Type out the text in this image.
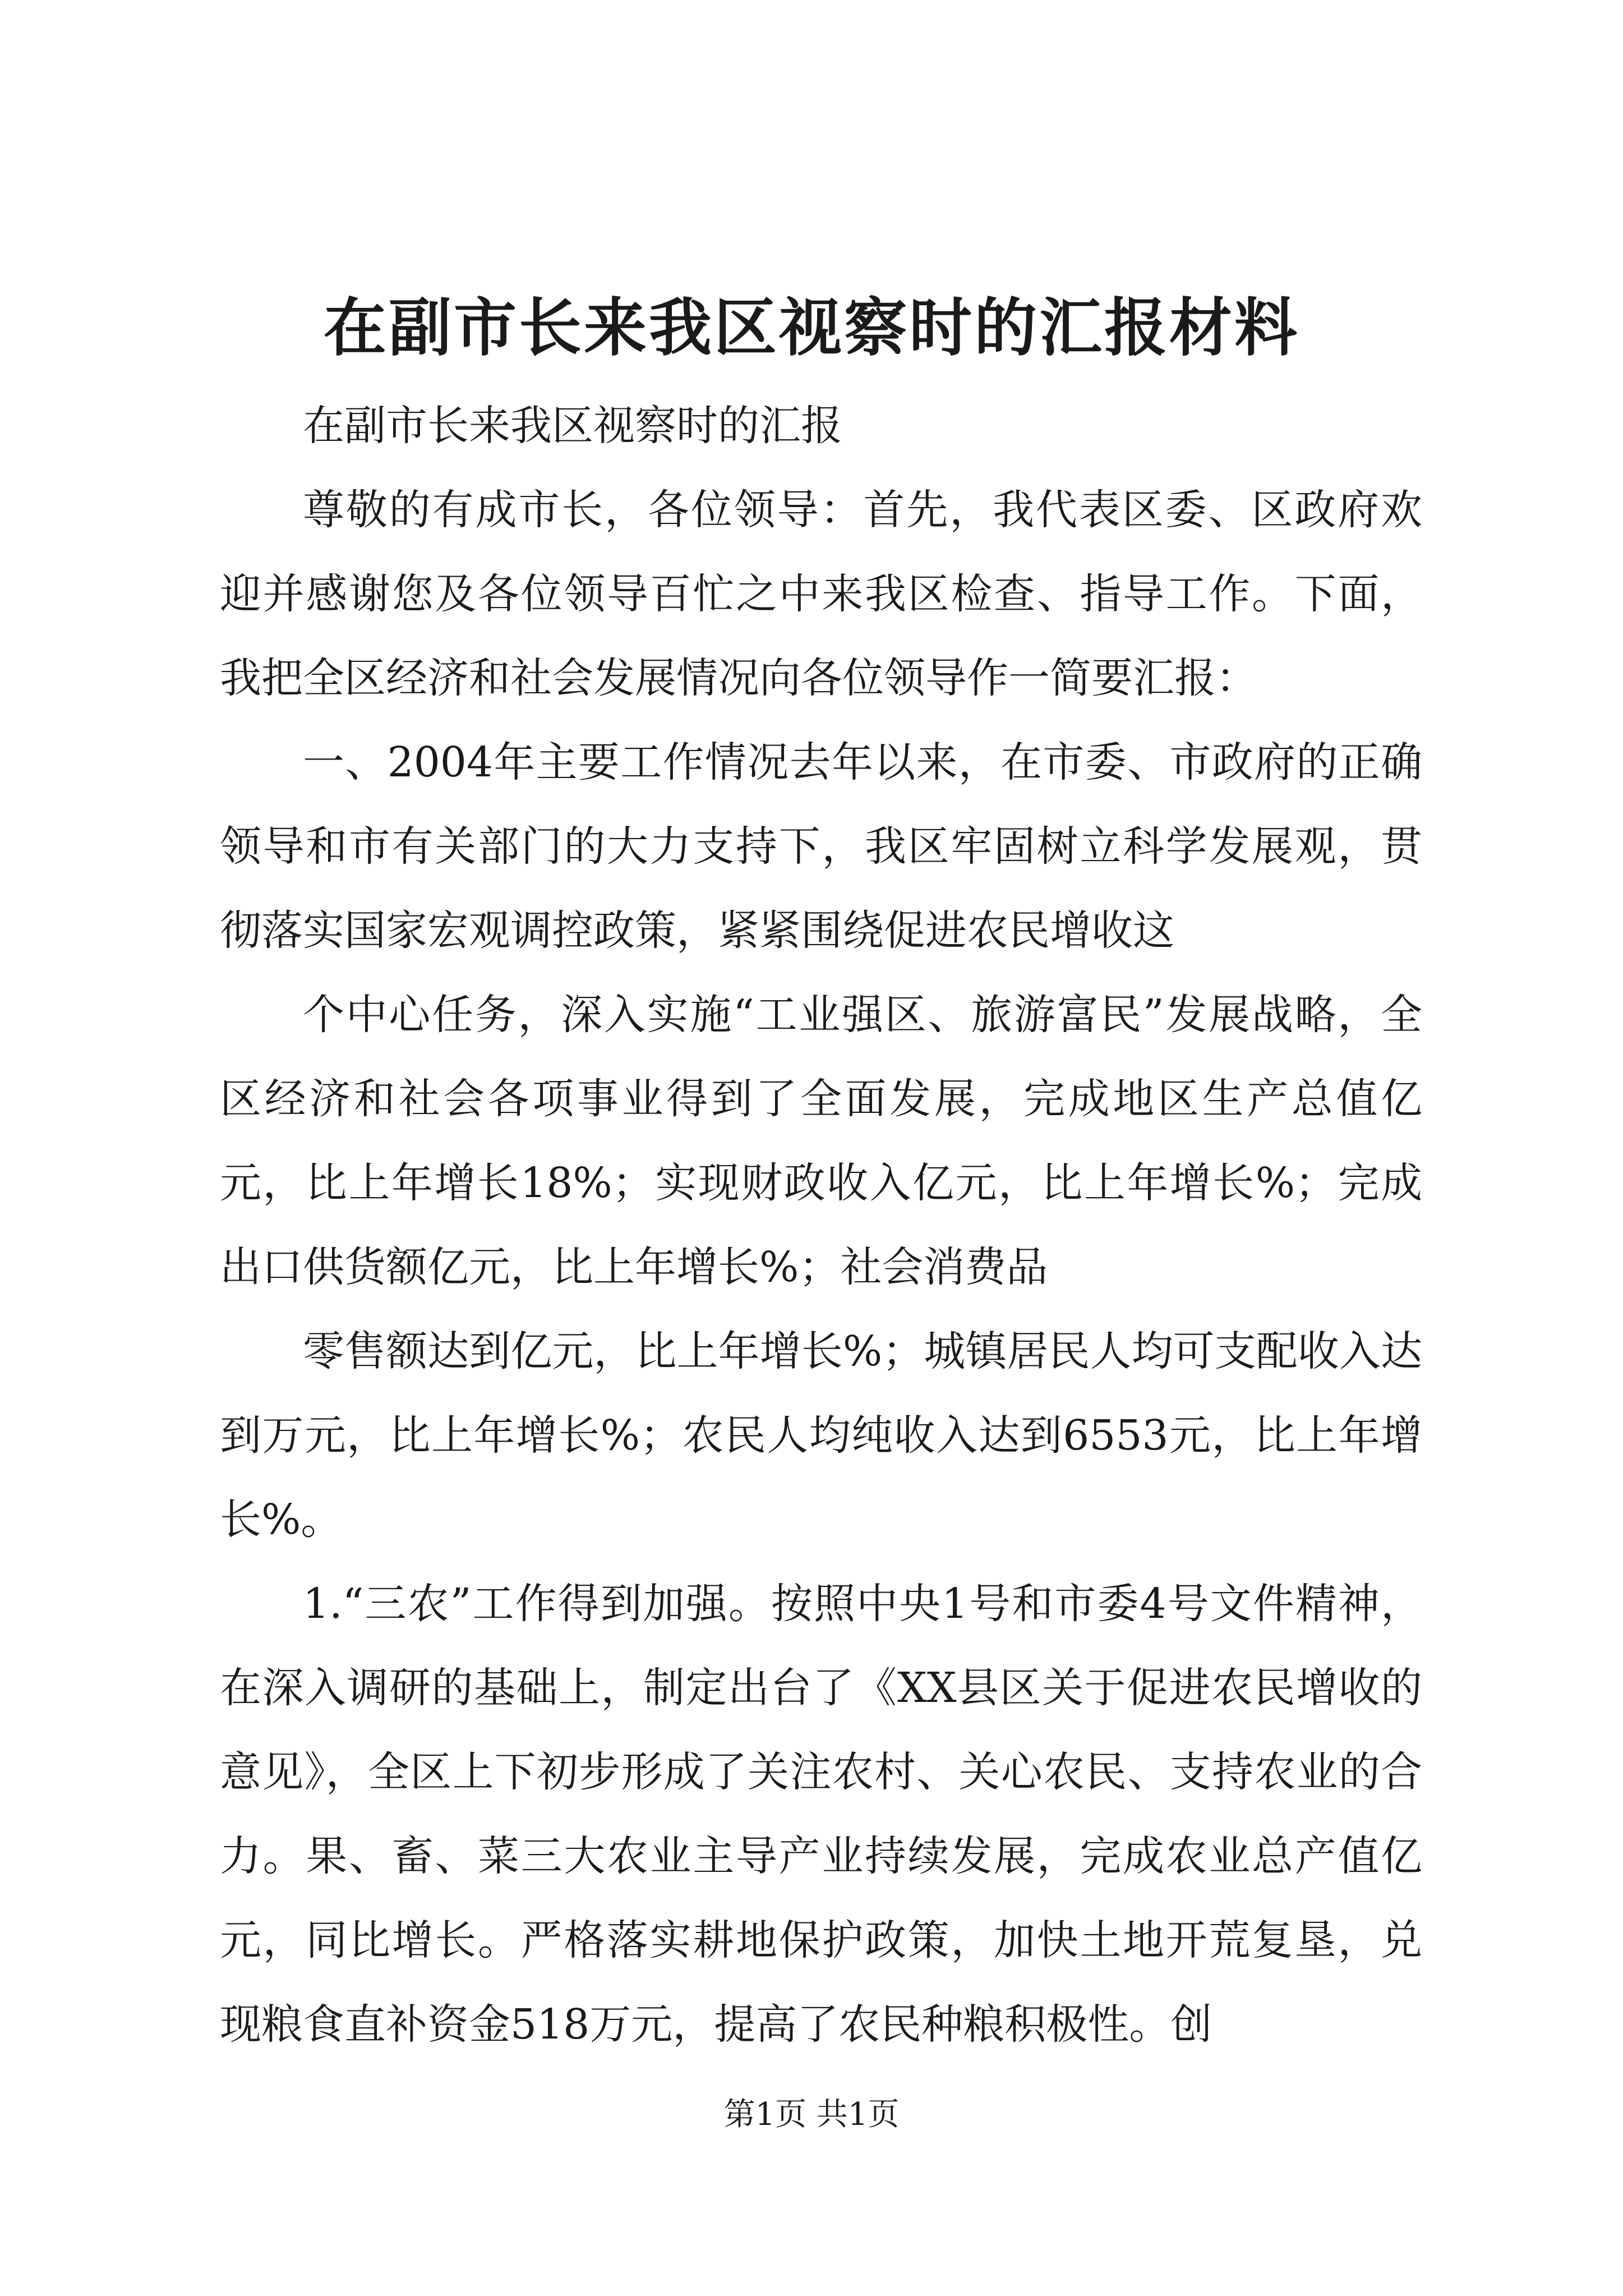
在副市长来我区视察时的汇报材料

在副市长来我区视察时的汇报

尊敬的有成市长，各位领导：首先，我代表区委、区政府欢迎并感谢您及各位领导百忙之中来我区检查、指导工作。下面，我把全区经济和社会发展情况向各位领导作一简要汇报：

一、2004年主要工作情况去年以来，在市委、市政府的正确领导和市有关部门的大力支持下，我区牢固树立科学发展观，贯彻落实国家宏观调控政策，紧紧围绕促进农民增收这

个中心任务，深入实施“工业强区、旅游富民”发展战略，全区经济和社会各项事业得到了全面发展，完成地区生产总值亿元，比上年增长18%；实现财政收入亿元，比上年增长%；完成出口供货额亿元，比上年增长%；社会消费品

零售额达到亿元，比上年增长%；城镇居民人均可支配收入达到万元，比上年增长%；农民人均纯收入达到6553元，比上年增长%。

1.“三农”工作得到加强。按照中央1号和市委4号文件精神，在深入调研的基础上，制定出台了《XX县区关于促进农民增收的意见》，全区上下初步形成了关注农村、关心农民、支持农业的合力。果、畜、菜三大农业主导产业持续发展，完成农业总产值亿元，同比增长。严格落实耕地保护政策，加快土地开荒复垦，兑现粮食直补资金518万元，提高了农民种粮积极性。创

第1页 共1页
